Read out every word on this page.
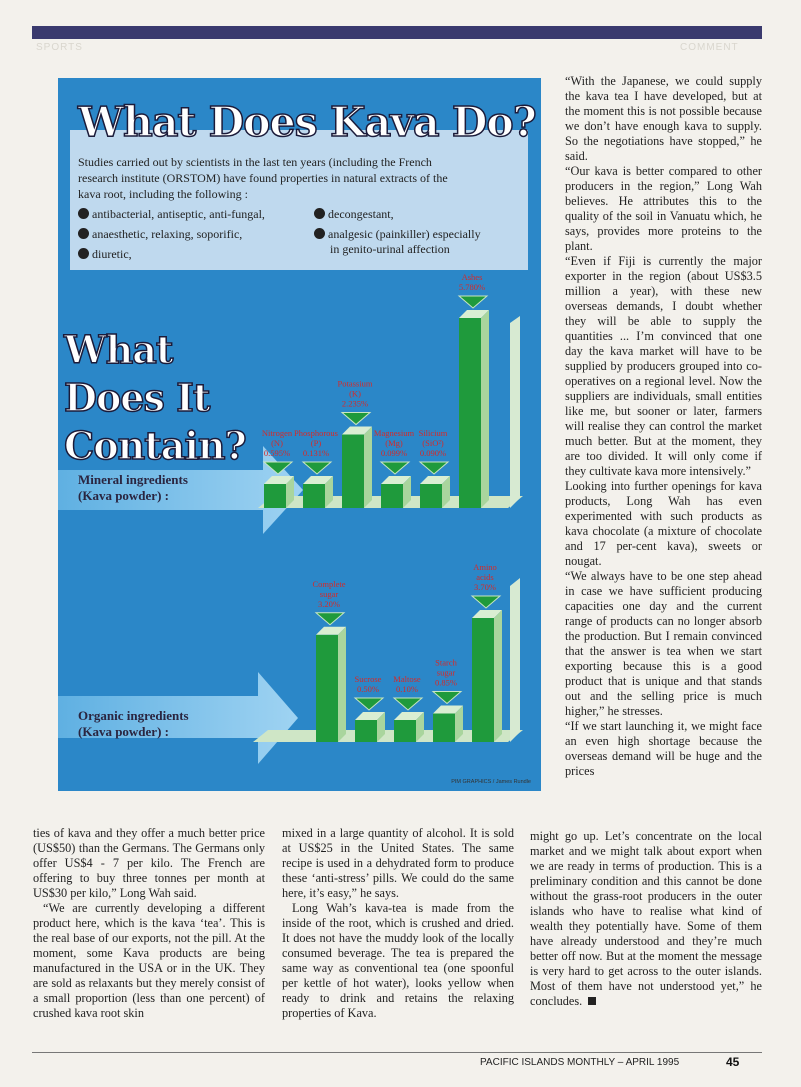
SPORTS	COMMENT
Nitrogen
(N)
0.595%
Phosphorous
(P)
0.131%
Potassium
(K)
2.235%
Magnesium
(Mg)
0.099%
Silicium
(SiO²)
0.090%
Ashes
5.780%
Complete
sugar
3.20%
Sucrose
0.50%
Maltose
0.10%
Starch
sugar
0.85%
Amino
acids
3.70%
What Does Kava Do?
Studies carried out by scientists in the last ten years (including the French research institute (ORSTOM) have found properties in natural extracts of the kava root, including the following :
antibacterial, antiseptic, anti-fungal,
anaesthetic, relaxing, soporific,
diuretic,
decongestant,
analgesic (painkiller) especially
in genito-urinal affection
What
Does It
Contain?
Mineral ingredients
(Kava powder) :
Organic ingredients
(Kava powder) :
PIM GRAPHICS / James Rundle

“With the Japanese, we could supply the kava tea I have developed, but at the moment this is not possible because we don’t have enough kava to supply. So the negotiations have stopped,” he said.

“Our kava is better compared to other producers in the region,” Long Wah believes. He attributes this to the quality of the soil in Vanuatu which, he says, provides more proteins to the plant.

“Even if Fiji is currently the major exporter in the region (about US$3.5 million a year), with these new overseas demands, I doubt whether they will be able to supply the quantities ... I’m convinced that one day the kava market will have to be supplied by producers grouped into co-operatives on a regional level. Now the suppliers are individuals, small entities like me, but sooner or later, farmers will realise they can control the market much better. But at the moment, they are too divided. It will only come if they cultivate kava more intensively.”

Looking into further openings for kava products, Long Wah has even experimented with such products as kava chocolate (a mixture of chocolate and 17 per-cent kava), sweets or nougat.

“We always have to be one step ahead in case we have sufficient producing capacities one day and the current range of products can no longer absorb the production. But I remain convinced that the answer is tea when we start exporting because this is a good product that is unique and that stands out and the selling price is much higher,” he stresses.

“If we start launching it, we might face an even high shortage because the overseas demand will be huge and the prices

ties of kava and they offer a much better price (US$50) than the Germans. The Germans only offer US$4 - 7 per kilo. The French are offering to buy three tonnes per month at US$30 per kilo,” Long Wah said.

“We are currently developing a different product here, which is the kava ‘tea’. This is the real base of our exports, not the pill. At the moment, some Kava products are being manufactured in the USA or in the UK. They are sold as relaxants but they merely consist of a small proportion (less than one percent) of crushed kava root skin

mixed in a large quantity of alcohol. It is sold at US$25 in the United States. The same recipe is used in a dehydrated form to produce these ‘anti-stress’ pills. We could do the same here, it’s easy,” he says.

Long Wah’s kava-tea is made from the inside of the root, which is crushed and dried. It does not have the muddy look of the locally consumed beverage. The tea is prepared the same way as conventional tea (one spoonful per kettle of hot water), looks yellow when ready to drink and retains the relaxing properties of Kava.

might go up. Let’s concentrate on the local market and we might talk about export when we are ready in terms of production. This is a preliminary condition and this cannot be done without the grass-root producers in the outer islands who have to realise what kind of wealth they potentially have. Some of them have already understood and they’re much better off now. But at the moment the message is very hard to get across to the outer islands. Most of them have not understood yet,” he concludes.

PACIFIC ISLANDS MONTHLY – APRIL 1995	45
